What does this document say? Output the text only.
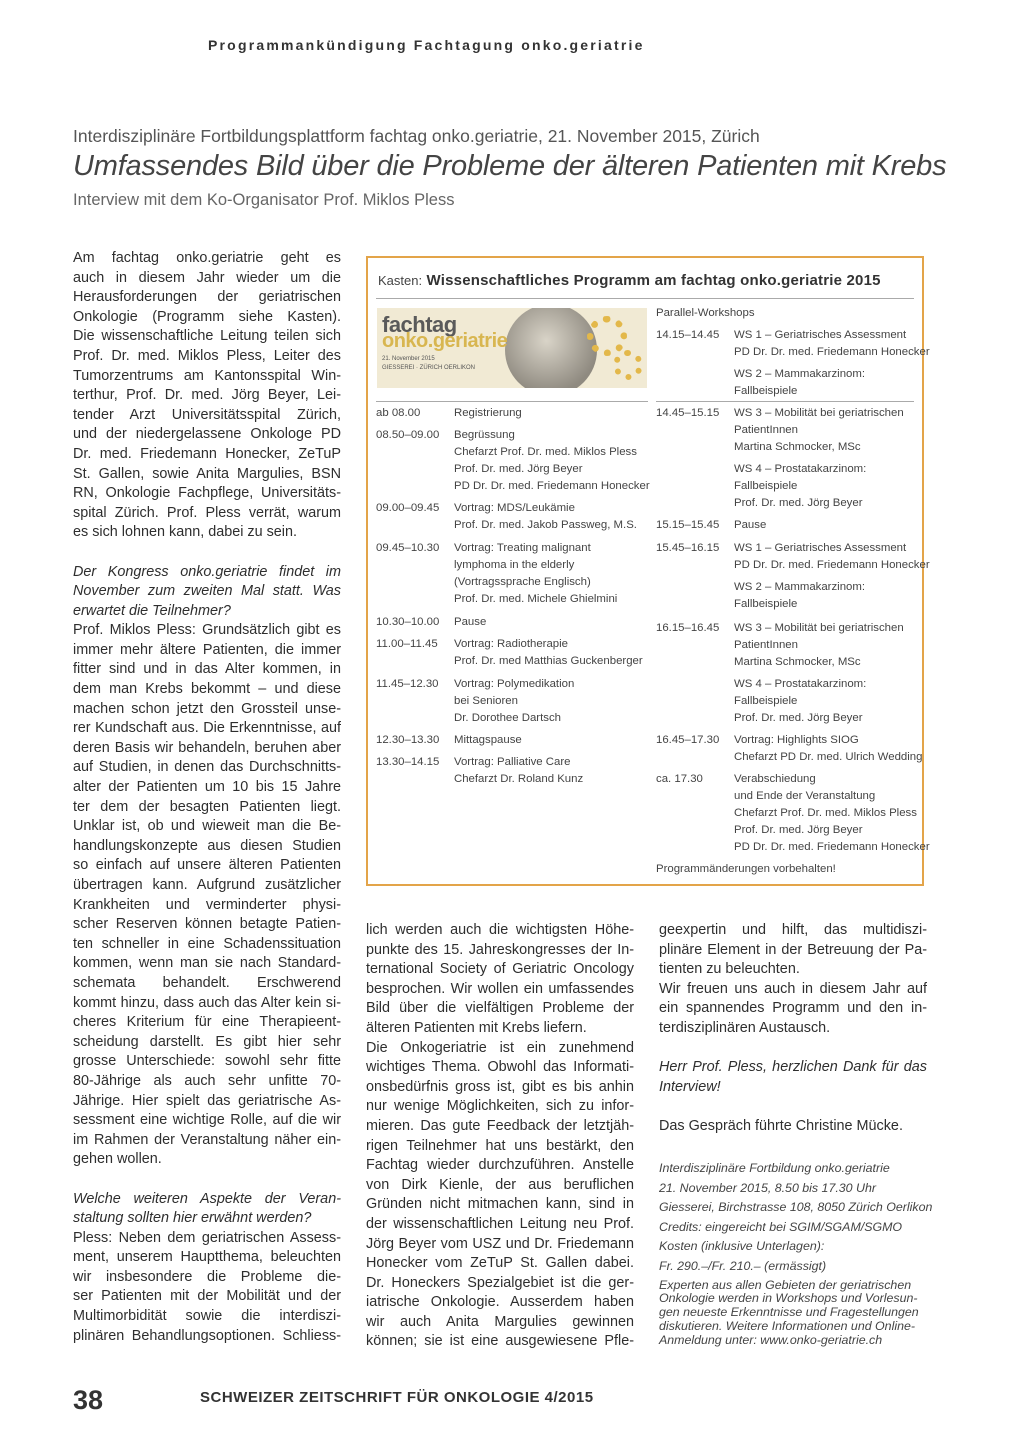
Programmankündigung Fachtagung onko.geriatrie
Interdisziplinäre Fortbildungsplattform fachtag onko.geriatrie, 21. November 2015, Zürich
Umfassendes Bild über die Probleme der älteren Patienten mit Krebs
Interview mit dem Ko-Organisator Prof. Miklos Pless

Am fachtag onko.geriatrie geht es
auch in diesem Jahr wieder um die
Herausforderungen der geriatrischen
Onkologie (Programm siehe Kasten).
Die wissenschaftliche Leitung teilen sich
Prof. Dr. med. Miklos Pless, Leiter des
Tumorzentrums am Kantonsspital Win-
terthur, Prof. Dr. med. Jörg Beyer, Lei-
tender Arzt Universitätsspital Zürich,
und der niedergelassene Onkologe PD
Dr. med. Friedemann Honecker, ZeTuP
St. Gallen, sowie Anita Margulies, BSN
RN, Onkologie Fachpflege, Universitäts-
spital Zürich. Prof. Pless verrät, warum
es sich lohnen kann, dabei zu sein.

Der Kongress onko.geriatrie findet im
November zum zweiten Mal statt. Was
erwartet die Teilnehmer?

Prof. Miklos Pless: Grundsätzlich gibt es
immer mehr ältere Patienten, die immer
fitter sind und in das Alter kommen, in
dem man Krebs bekommt – und diese
machen schon jetzt den Grossteil unse-
rer Kundschaft aus. Die Erkenntnisse, auf
deren Basis wir behandeln, beruhen aber
auf Studien, in denen das Durchschnitts-
alter der Patienten um 10 bis 15 Jahre
ter dem der besagten Patienten liegt.
Unklar ist, ob und wieweit man die Be-
handlungskonzepte aus diesen Studien
so einfach auf unsere älteren Patienten
übertragen kann. Aufgrund zusätzlicher
Krankheiten und verminderter physi-
scher Reserven können betagte Patien-
ten schneller in eine Schadenssituation
kommen, wenn man sie nach Standard-
schemata behandelt. Erschwerend
kommt hinzu, dass auch das Alter kein si-
cheres Kriterium für eine Therapieent-
scheidung darstellt. Es gibt hier sehr
grosse Unterschiede: sowohl sehr fitte
80-Jährige als auch sehr unfitte 70-
Jährige. Hier spielt das geriatrische As-
sessment eine wichtige Rolle, auf die wir
im Rahmen der Veranstaltung näher ein-
gehen wollen.

Welche weiteren Aspekte der Veran-
staltung sollten hier erwähnt werden?

Pless: Neben dem geriatrischen Assess-
ment, unserem Hauptthema, beleuchten
wir insbesondere die Probleme die-
ser Patienten mit der Mobilität und der
Multimorbidität sowie die interdiszi-
plinären Behandlungsoptionen. Schliess-

lich werden auch die wichtigsten Höhe-
punkte des 15. Jahreskongresses der In-
ternational Society of Geriatric Oncology
besprochen. Wir wollen ein umfassendes
Bild über die vielfältigen Probleme der
älteren Patienten mit Krebs liefern.

Die Onkogeriatrie ist ein zunehmend
wichtiges Thema. Obwohl das Informati-
onsbedürfnis gross ist, gibt es bis anhin
nur wenige Möglichkeiten, sich zu infor-
mieren. Das gute Feedback der letztjäh-
rigen Teilnehmer hat uns bestärkt, den
Fachtag wieder durchzuführen. Anstelle
von Dirk Kienle, der aus beruflichen
Gründen nicht mitmachen kann, sind in
der wissenschaftlichen Leitung neu Prof.
Jörg Beyer vom USZ und Dr. Friedemann
Honecker vom ZeTuP St. Gallen dabei.
Dr. Honeckers Spezialgebiet ist die ger-
iatrische Onkologie. Ausserdem haben
wir auch Anita Margulies gewinnen
können; sie ist eine ausgewiesene Pfle-

geexpertin und hilft, das multidiszi-
plinäre Element in der Betreuung der Pa-
tienten zu beleuchten.

Wir freuen uns auch in diesem Jahr auf
ein spannendes Programm und den in-
terdisziplinären Austausch.

Herr Prof. Pless, herzlichen Dank für das
Interview!

Das Gespräch führte Christine Mücke.

Interdisziplinäre Fortbildung onko.geriatrie
21. November 2015, 8.50 bis 17.30 Uhr
Giesserei, Birchstrasse 108, 8050 Zürich Oerlikon
Credits: eingereicht bei SGIM/SGAM/SGMO
Kosten (inklusive Unterlagen):
Fr. 290.–/Fr. 210.– (ermässigt)
Experten aus allen Gebieten der geriatrischen
Onkologie werden in Workshops und Vorlesun-
gen neueste Erkenntnisse und Fragestellungen
diskutieren. Weitere Informationen und Online-
Anmeldung unter: www.onko-geriatrie.ch
Kasten: Wissenschaftliches Programm am fachtag onko.geriatrie 2015
fachtag
onko.geriatrie
21. November 2015
GIESSEREI · ZÜRICH OERLIKON
ab 08.00	Registrierung
08.50–09.00	Begrüssung
Chefarzt Prof. Dr. med. Miklos Pless
Prof. Dr. med. Jörg Beyer
PD Dr. Dr. med. Friedemann Honecker
09.00–09.45	Vortrag: MDS/Leukämie
Prof. Dr. med. Jakob Passweg, M.S.
09.45–10.30	Vortrag: Treating malignant
lymphoma in the elderly
(Vortragssprache Englisch)
Prof. Dr. med. Michele Ghielmini
10.30–10.00	Pause
11.00–11.45	Vortrag: Radiotherapie
Prof. Dr. med Matthias Guckenberger
11.45–12.30	Vortrag: Polymedikation
bei Senioren
Dr. Dorothee Dartsch
12.30–13.30	Mittagspause
13.30–14.15	Vortrag: Palliative Care
Chefarzt Dr. Roland Kunz
Parallel-Workshops
14.15–14.45	WS 1 – Geriatrisches Assessment
PD Dr. Dr. med. Friedemann Honecker
WS 2 – Mammakarzinom:
Fallbeispiele
14.45–15.15	WS 3 – Mobilität bei geriatrischen
PatientInnen
Martina Schmocker, MSc
WS 4 – Prostatakarzinom:
Fallbeispiele
Prof. Dr. med. Jörg Beyer
15.15–15.45	Pause
15.45–16.15	WS 1 – Geriatrisches Assessment
PD Dr. Dr. med. Friedemann Honecker
WS 2 – Mammakarzinom:
Fallbeispiele
16.15–16.45	WS 3 – Mobilität bei geriatrischen
PatientInnen
Martina Schmocker, MSc
WS 4 – Prostatakarzinom:
Fallbeispiele
Prof. Dr. med. Jörg Beyer
16.45–17.30	Vortrag: Highlights SIOG
Chefarzt PD Dr. med. Ulrich Wedding
ca. 17.30	Verabschiedung
und Ende der Veranstaltung
Chefarzt Prof. Dr. med. Miklos Pless
Prof. Dr. med. Jörg Beyer
PD Dr. Dr. med. Friedemann Honecker
Programmänderungen vorbehalten!
38	SCHWEIZER ZEITSCHRIFT FÜR ONKOLOGIE 4/2015
